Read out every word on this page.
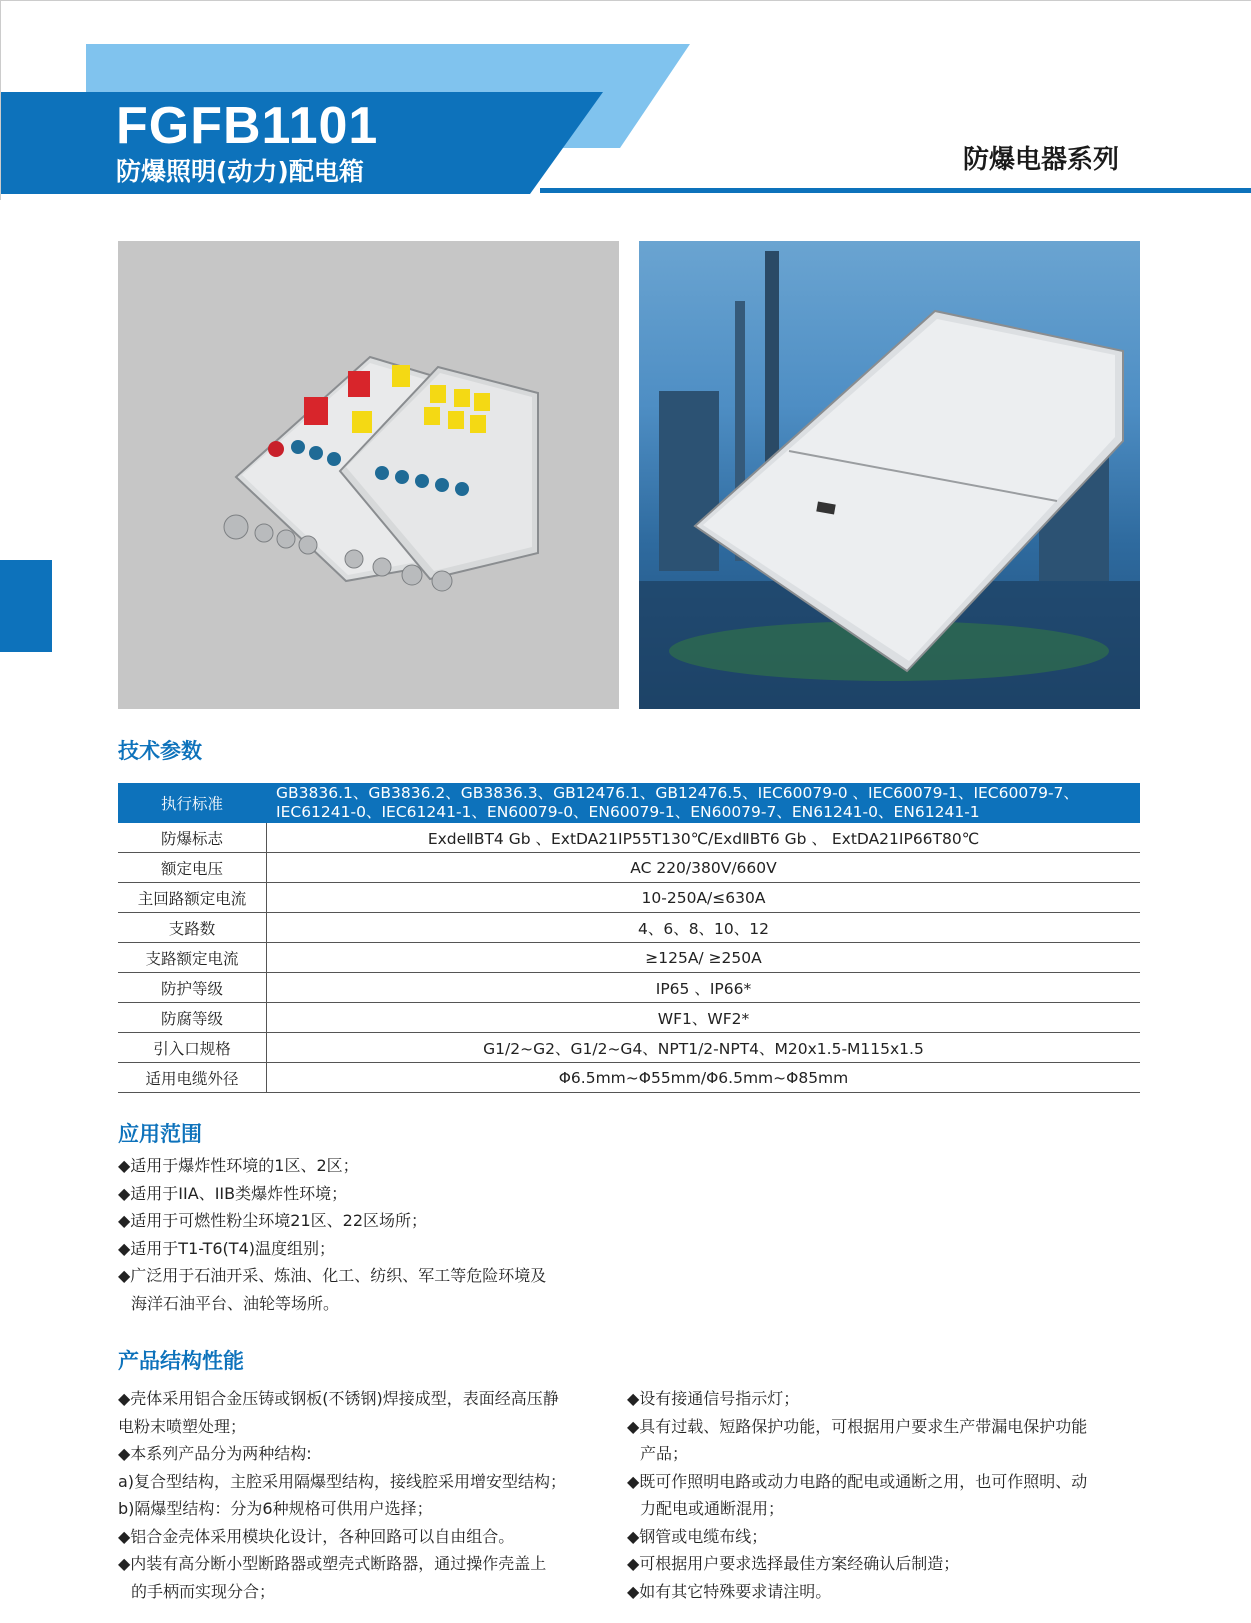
FGFB1101
防爆照明(动力)配电箱	防爆电器系列
技术参数
执行标准	GB3836.1、GB3836.2、GB3836.3、GB12476.1、GB12476.5、IEC60079-0 、IEC60079-1、IEC60079-7、
IEC61241-0、IEC61241-1、EN60079-0、EN60079-1、EN60079-7、EN61241-0、EN61241-1

防爆标志	ExdeⅡBT4 Gb 、ExtDA21IP55T130℃/ExdⅡBT6 Gb 、 ExtDA21IP66T80℃
额定电压	AC 220/380V/660V
主回路额定电流	10-250A/≤630A
支路数	4、6、8、10、12
支路额定电流	≥125A/ ≥250A
防护等级	IP65 、IP66*
防腐等级	WF1、WF2*
引入口规格	G1/2~G2、G1/2~G4、NPT1/2-NPT4、M20x1.5-M115x1.5
适用电缆外径	Φ6.5mm~Φ55mm/Φ6.5mm~Φ85mm
应用范围
◆适用于爆炸性环境的1区、2区；
◆适用于IIA、IIB类爆炸性环境；
◆适用于可燃性粉尘环境21区、22区场所；
◆适用于T1-T6(T4)温度组别；
◆广泛用于石油开采、炼油、化工、纺织、军工等危险环境及
海洋石油平台、油轮等场所。
产品结构性能
◆壳体采用铝合金压铸或钢板(不锈钢)焊接成型，表面经高压静
电粉末喷塑处理；
◆本系列产品分为两种结构:
a)复合型结构，主腔采用隔爆型结构，接线腔采用增安型结构；
b)隔爆型结构：分为6种规格可供用户选择；
◆铝合金壳体采用模块化设计，各种回路可以自由组合。
◆内装有高分断小型断路器或塑壳式断路器，通过操作壳盖上
的手柄而实现分合；
◆设有接通信号指示灯；
◆具有过载、短路保护功能，可根据用户要求生产带漏电保护功能
产品；
◆既可作照明电路或动力电路的配电或通断之用，也可作照明、动
力配电或通断混用；
◆钢管或电缆布线；
◆可根据用户要求选择最佳方案经确认后制造；
◆如有其它特殊要求请注明。
